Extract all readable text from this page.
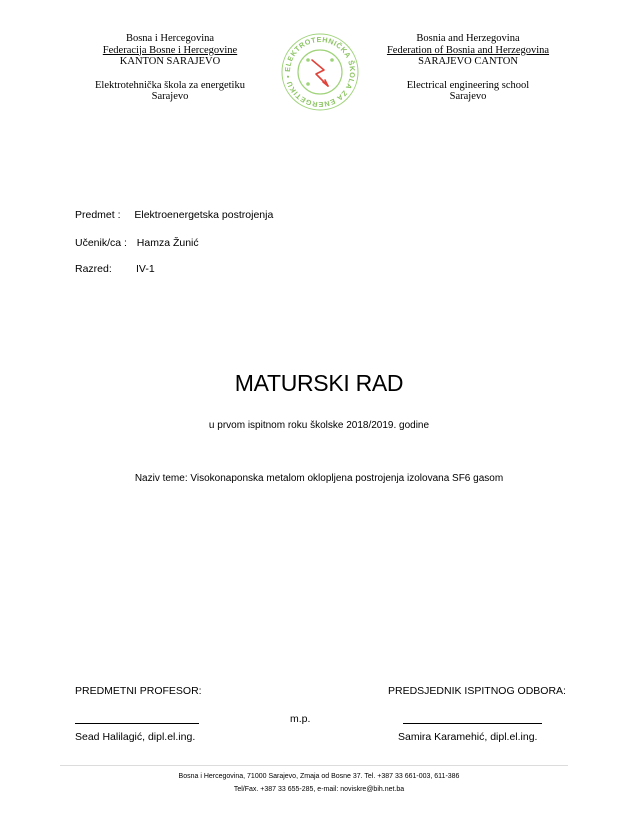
Bosna i Hercegovina
Federacija Bosne i Hercegovine
KANTON SARAJEVO
Elektrotehnička škola za energetiku
Sarajevo
Bosnia and Herzegovina
Federation of Bosnia and Herzegovina
SARAJEVO CANTON
Electrical engineering school
Sarajevo
ELEKTROTEHNIČKA ŠKOLA ZA ENERGETIKU •
Predmet : Elektroenergetska postrojenja
Učenik/ca : Hamza Žunić
Razred: IV-1
MATURSKI RAD
u prvom ispitnom roku školske 2018/2019. godine
Naziv teme: Visokonaponska metalom oklopljena postrojenja izolovana SF6 gasom
PREDMETNI PROFESOR:	PREDSJEDNIK ISPITNOG ODBORA:
m.p.
Sead Halilagić, dipl.el.ing.	Samira Karamehić, dipl.el.ing.
Bosna i Hercegovina, 71000 Sarajevo, Zmaja od Bosne 37. Tel. +387 33 661-003, 611-386
Tel/Fax. +387 33 655-285, e-mail: noviskre@bih.net.ba
